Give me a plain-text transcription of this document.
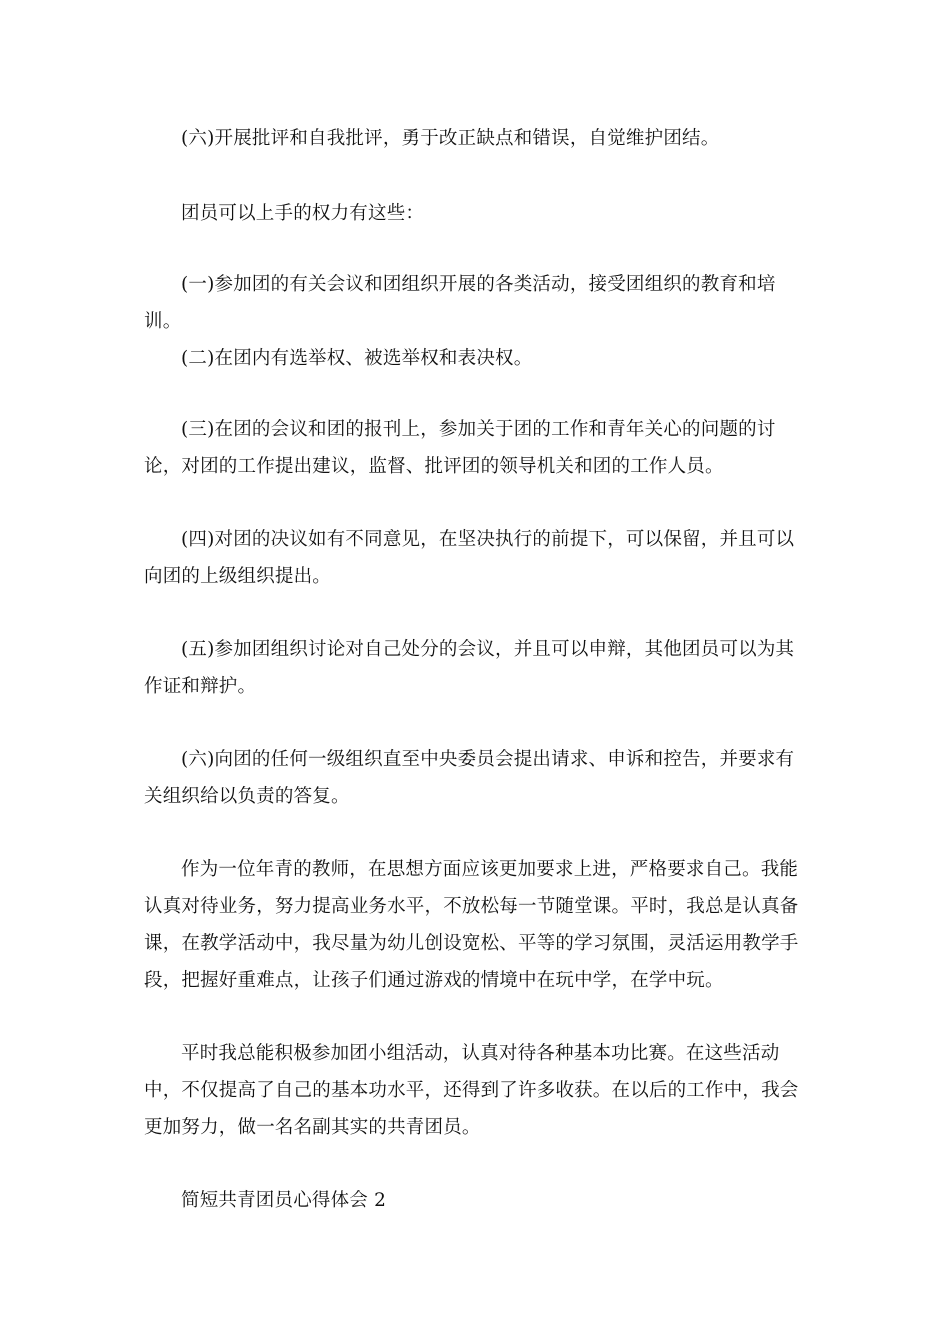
(六)开展批评和自我批评，勇于改正缺点和错误，自觉维护团结。

团员可以上手的权力有这些：

(一)参加团的有关会议和团组织开展的各类活动，接受团组织的教育和培训。

(二)在团内有选举权、被选举权和表决权。

(三)在团的会议和团的报刊上，参加关于团的工作和青年关心的问题的讨论，对团的工作提出建议，监督、批评团的领导机关和团的工作人员。

(四)对团的决议如有不同意见，在坚决执行的前提下，可以保留，并且可以向团的上级组织提出。

(五)参加团组织讨论对自己处分的会议，并且可以申辩，其他团员可以为其作证和辩护。

(六)向团的任何一级组织直至中央委员会提出请求、申诉和控告，并要求有关组织给以负责的答复。

作为一位年青的教师，在思想方面应该更加要求上进，严格要求自己。我能认真对待业务，努力提高业务水平，不放松每一节随堂课。平时，我总是认真备课，在教学活动中，我尽量为幼儿创设宽松、平等的学习氛围，灵活运用教学手段，把握好重难点，让孩子们通过游戏的情境中在玩中学，在学中玩。

平时我总能积极参加团小组活动，认真对待各种基本功比赛。在这些活动中，不仅提高了自己的基本功水平，还得到了许多收获。在以后的工作中，我会更加努力，做一名名副其实的共青团员。

简短共青团员心得体会 2
